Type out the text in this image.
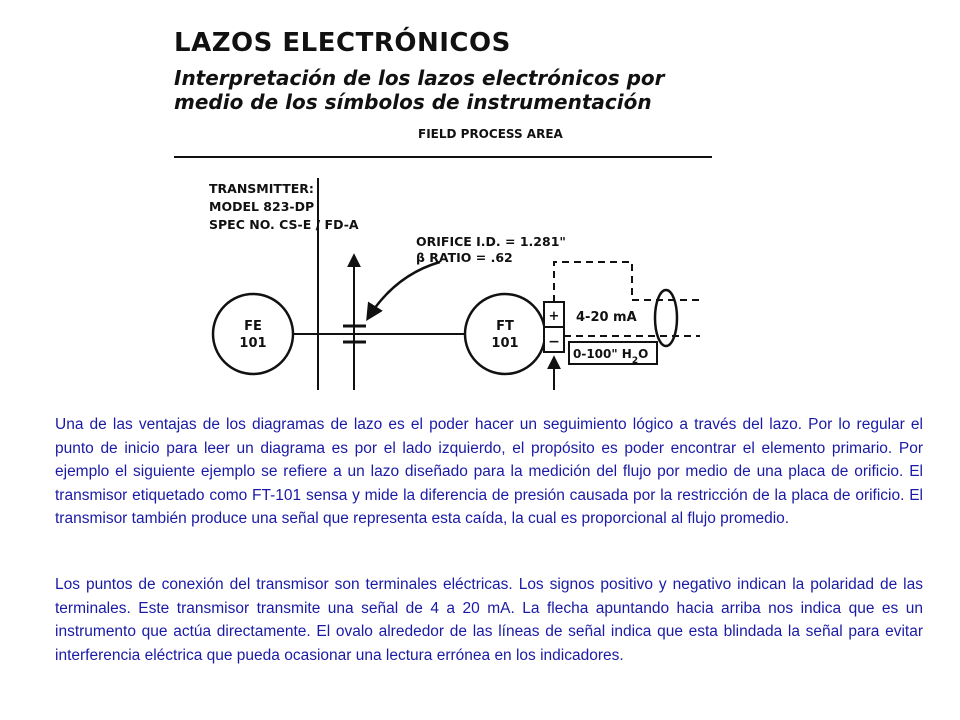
LAZOS ELECTRÓNICOS
Interpretación de los lazos electrónicos por medio de los símbolos de instrumentación
FIELD PROCESS AREA
TRANSMITTER:
MODEL 823-DP
SPEC NO. CS-E / FD-A
ORIFICE I.D. = 1.281"
β RATIO = .62
FE
101
FT
101
+
−
4-20 mA
0-100" $H_2O$

Una de las ventajas de los diagramas de lazo es el poder hacer un seguimiento lógico a través del lazo. Por lo regular el punto de inicio para leer un diagrama es por el lado izquierdo, el propósito es poder encontrar el elemento primario. Por ejemplo el siguiente ejemplo se refiere a un lazo diseñado para la medición del flujo por medio de una placa de orificio. El transmisor etiquetado como FT-101 sensa y mide la diferencia de presión causada por la restricción de la placa de orificio. El transmisor también produce una señal que representa esta caída, la cual es proporcional al flujo promedio.

Los puntos de conexión del transmisor son terminales eléctricas. Los signos positivo y negativo indican la polaridad de las terminales. Este transmisor transmite una señal de 4 a 20 mA. La flecha apuntando hacia arriba nos indica que es un instrumento que actúa directamente. El ovalo alrededor de las líneas de señal indica que esta blindada la señal para evitar interferencia eléctrica que pueda ocasionar una lectura errónea en los indicadores.
